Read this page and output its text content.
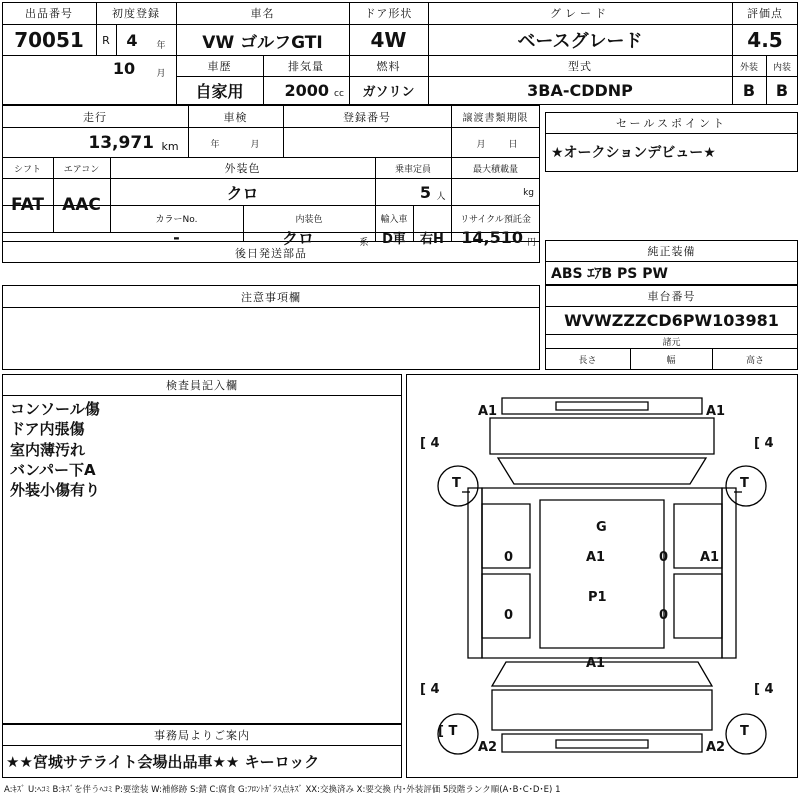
出品番号
70051
初度登録
R	4	年
10	月
車名
VW ゴルフGTI
ドア形状
4W
グレード
ベースグレード
評価点
4.5
車歴
自家用
排気量
2000 cc
燃料
ガソリン
型式
3BA-CDDNP
外装	内装
B	B
走行
13,971 km
車検
年	月
登録番号	譲渡書類期限
月	日
シフト	エアコン
FAT	AAC
外装色
クロ
乗車定員
5 人
最大積載量
kg
カラーNo.	内装色	輸入車	リサイクル預託金
-	クロ	系	D車	右H	14,510 円
後日発送部品
注意事項欄
セールスポイント
★オークションデビュー★
純正装備
ABS ｴｱB PS PW
車台番号
WVWZZZCD6PW103981
諸元
長さ	幅	高さ
検査員記入欄
コンソール傷
ドア内張傷
室内薄汚れ
バンパー下A
外装小傷有り
事務局よりご案内
★★宮城サテライト会場出品車★★ キーロック
A1	A1
[ 4	[ 4
T	T
G
0	A1	0 A1
P1
0	0
A1
[ 4	[ 4
[ T	T
A2	A2
A:ｷｽﾞ U:ﾍｺﾐ B:ｷｽﾞを伴うﾍｺﾐ P:要塗装 W:補修跡 S:錆 C:腐食 G:ﾌﾛﾝﾄｶﾞﾗｽ点ｷｽﾞ XX:交換済み X:要交換 内･外装評価 5段階ランク順(A･B･C･D･E) 1
